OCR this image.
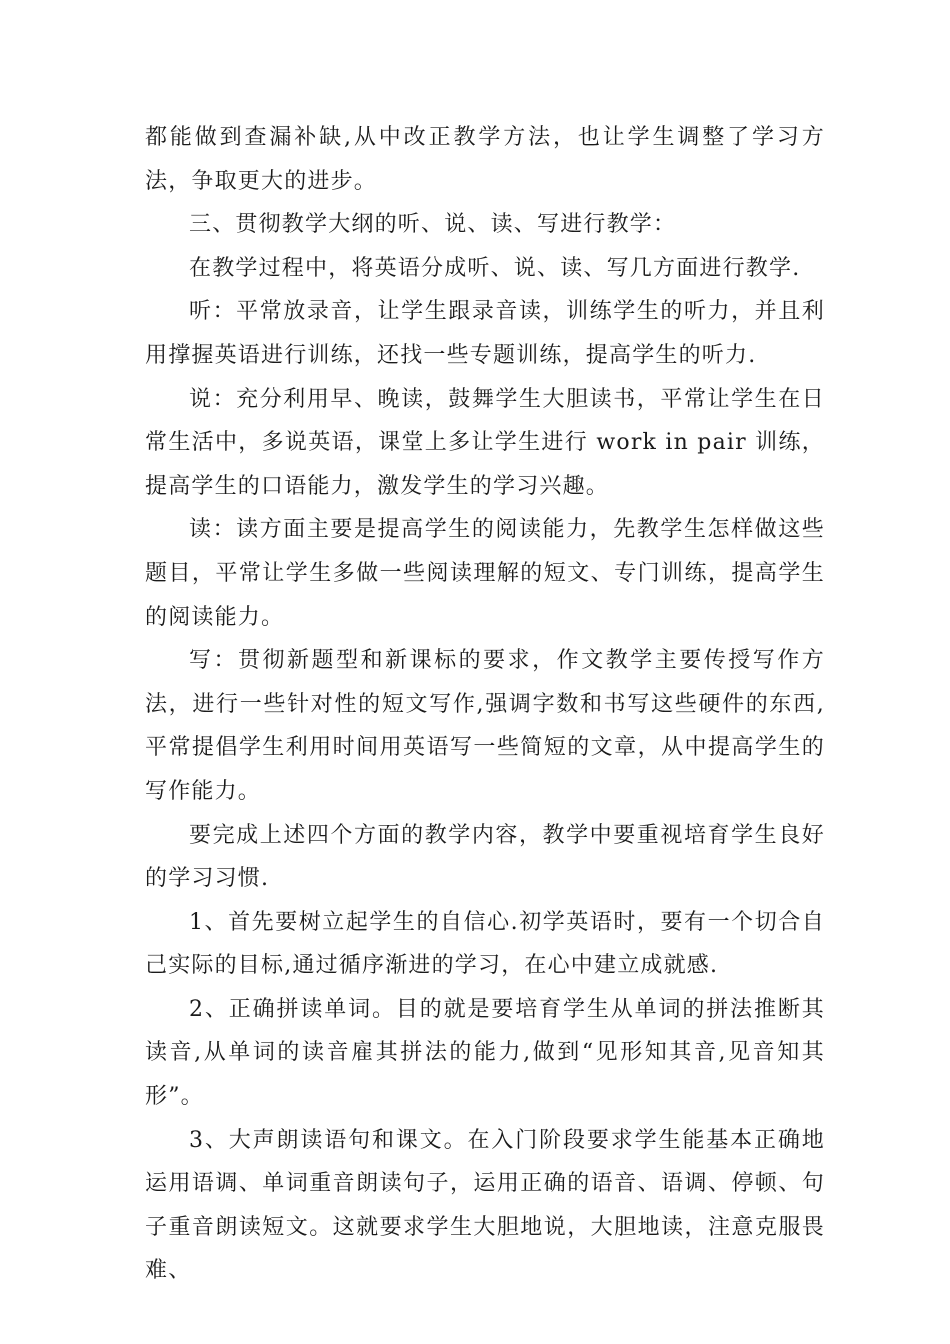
都能做到查漏补缺,从中改正教学方法，也让学生调整了学习方法，争取更大的进步。

三、贯彻教学大纲的听、说、读、写进行教学：

在教学过程中，将英语分成听、说、读、写几方面进行教学.

听：平常放录音，让学生跟录音读，训练学生的听力，并且利用撑握英语进行训练，还找一些专题训练，提高学生的听力.

说：充分利用早、晚读，鼓舞学生大胆读书，平常让学生在日常生活中，多说英语，课堂上多让学生进行 work in pair 训练，提高学生的口语能力，激发学生的学习兴趣。

读：读方面主要是提高学生的阅读能力，先教学生怎样做这些题目，平常让学生多做一些阅读理解的短文、专门训练，提高学生的阅读能力。

写：贯彻新题型和新课标的要求，作文教学主要传授写作方法，进行一些针对性的短文写作,强调字数和书写这些硬件的东西,平常提倡学生利用时间用英语写一些简短的文章，从中提高学生的写作能力。

要完成上述四个方面的教学内容，教学中要重视培育学生良好的学习习惯.

1、首先要树立起学生的自信心.初学英语时，要有一个切合自己实际的目标,通过循序渐进的学习，在心中建立成就感.

2、正确拼读单词。目的就是要培育学生从单词的拼法推断其读音,从单词的读音雇其拼法的能力,做到“见形知其音,见音知其形”。

3、大声朗读语句和课文。在入门阶段要求学生能基本正确地运用语调、单词重音朗读句子，运用正确的语音、语调、停顿、句子重音朗读短文。这就要求学生大胆地说，大胆地读，注意克服畏难、
